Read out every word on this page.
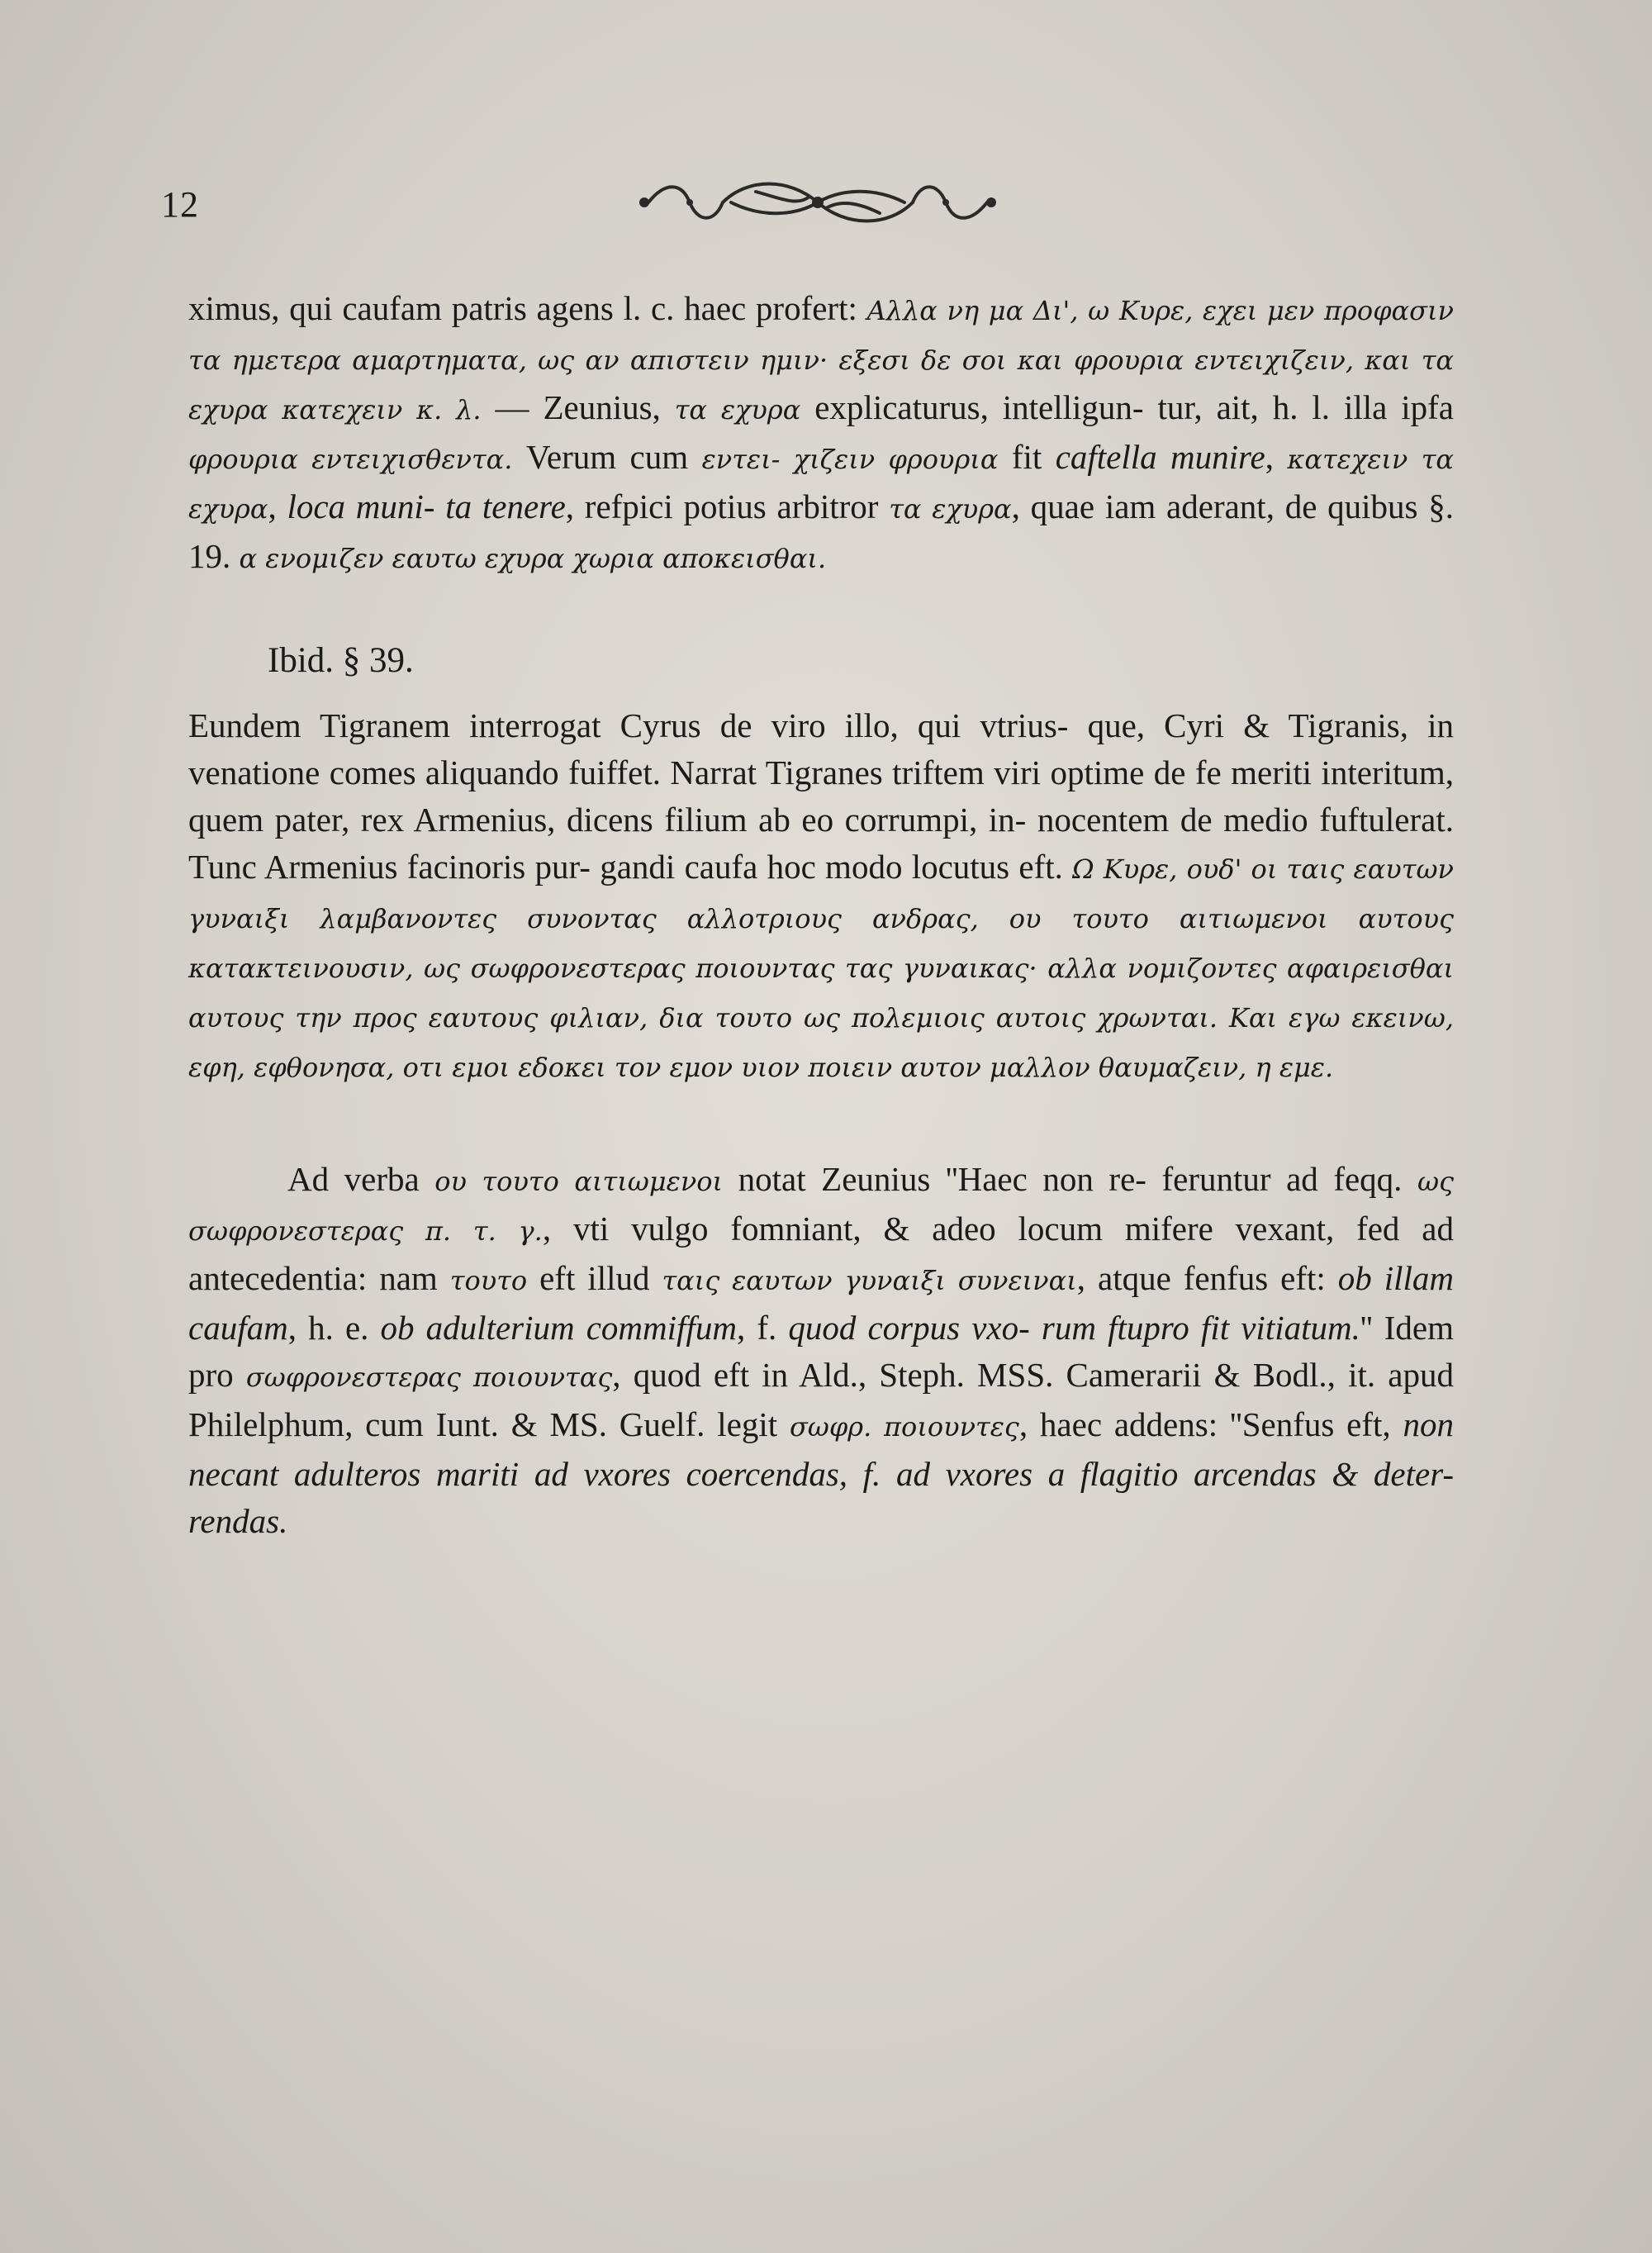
12

ximus, qui caufam patris agens l. c. haec profert: Αλλα νη μα Δι', ω Κυρε, εχει μεν προφασιν τα ημετερα αμαρτηματα, ως αν απιστειν ημιν· εξεσι δε σοι και φρουρια εντειχιζειν, και τα εχυρα κατεχειν κ. λ. — Zeunius, τα εχυρα explicaturus, intelligun- tur, ait, h. l. illa ipfa φρουρια εντειχισθεντα. Verum cum εντει- χιζειν φρουρια fit caftella munire, κατεχειν τα εχυρα, loca muni- ta tenere, refpici potius arbitror τα εχυρα, quae iam aderant, de quibus §. 19. α ενομιζεν εαυτω εχυρα χωρια αποκεισθαι.

Ibid. § 39.

Eundem Tigranem interrogat Cyrus de viro illo, qui vtrius- que, Cyri & Tigranis, in venatione comes aliquando fuiffet. Narrat Tigranes triftem viri optime de fe meriti interitum, quem pater, rex Armenius, dicens filium ab eo corrumpi, in- nocentem de medio fuftulerat. Tunc Armenius facinoris pur- gandi caufa hoc modo locutus eft. Ω Κυρε, ουδ' οι ταις εαυτων γυναιξι λαμβανοντες συνοντας αλλοτριους ανδρας, ου τουτο αιτιωμενοι αυτους κατακτεινουσιν, ως σωφρονεστερας ποιουντας τας γυναικας· αλλα νομιζοντες αφαιρεισθαι αυτους την προς εαυτους φιλιαν, δια τουτο ως πολεμιοις αυτοις χρωνται. Και εγω εκεινω, εφη, εφθονησα, οτι εμοι εδοκει τον εμον υιον ποιειν αυτον μαλλον θαυμαζειν, η εμε.

Ad verba ου τουτο αιτιωμενοι notat Zeunius ''Haec non re- feruntur ad feqq. ως σωφρονεστερας π. τ. γ., vti vulgo fomniant, & adeo locum mifere vexant, fed ad antecedentia: nam τουτο eft illud ταις εαυτων γυναιξι συνειναι, atque fenfus eft: ob illam caufam, h. e. ob adulterium commiffum, f. quod corpus vxo- rum ftupro fit vitiatum.'' Idem pro σωφρονεστερας ποιουντας, quod eft in Ald., Steph. MSS. Camerarii & Bodl., it. apud Philelphum, cum Iunt. & MS. Guelf. legit σωφρ. ποιουντες, haec addens: ''Senfus eft, non necant adulteros mariti ad vxores coercendas, f. ad vxores a flagitio arcendas & deter- rendas.
